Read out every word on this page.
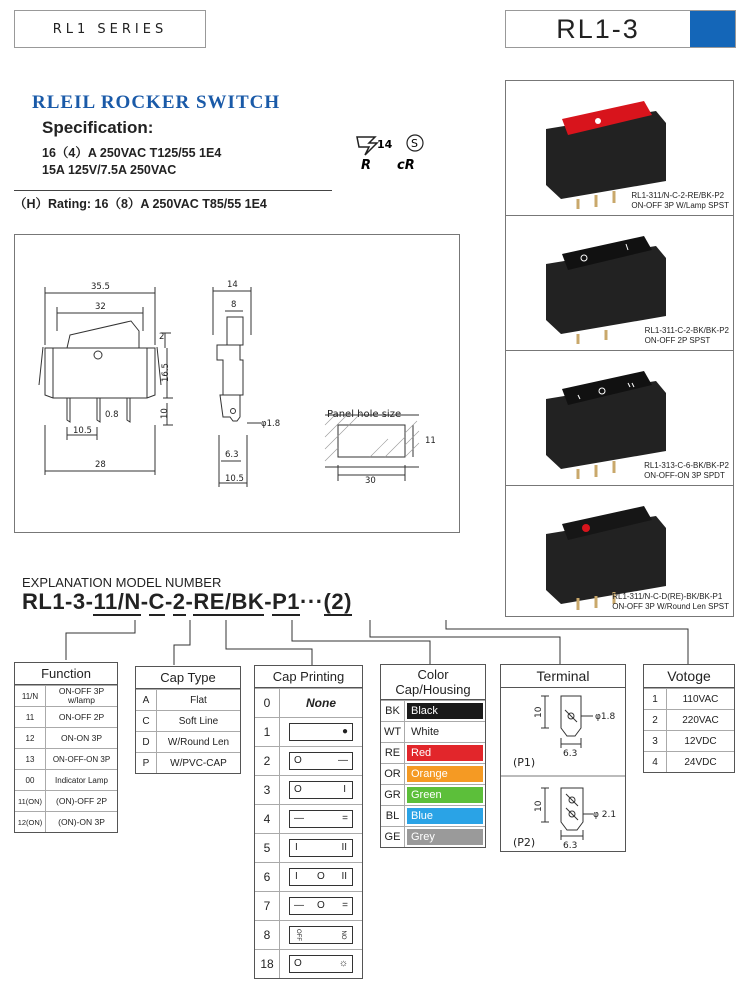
RL1 SERIES	RL1-3
RLEIL ROCKER SWITCH
Specification:
16（4）A 250VAC T125/55 1E4
15A 125V/7.5A 250VAC
（H）Rating: 16（8）A 250VAC T85/55 1E4
14 S
R cR
35.5
32
2
16.5
0.8	10
10.5
28
14
8
φ1.8
6.3
10.5
Panel hole size
30
11
RL1-311/N-C-2-RE/BK-P2
ON-OFF 3P W/Lamp SPST
RL1-311-C-2-BK/BK-P2
ON-OFF 2P SPST
RL1-313-C-6-BK/BK-P2
ON-OFF-ON 3P SPDT
RL1-311/N-C-D(RE)-BK/BK-P1
ON-OFF 3P W/Round Len SPST
EXPLANATION MODEL NUMBER
RL1-3-11/N-C-2-RE/BK-P1···(2)
Function
11/N	ON-OFF 3P w/lamp
11	ON-OFF 2P
12	ON-ON 3P
13	ON-OFF-ON 3P
00	Indicator Lamp
11(ON)	(ON)-OFF 2P
12(ON)	(ON)-ON 3P
Cap Type
A	Flat
C	Soft Line
D	W/Round Len
P	W/PVC-CAP
Cap Printing
0	None
1	●

2	O —

3	O I

4	— =

5	I II

6	I O II

7	— O =

8	OFF ON

18	O ☼
Color
Cap/Housing
BK	Black
WT	White
RE	Red
OR	Orange
GR	Green
BL	Blue
GE	Grey
Terminal
10	φ1.8
6.3
(P1)
10
φ 2.1
6.3
(P2)
Votoge
1	110VAC
2	220VAC
3	12VDC
4	24VDC
